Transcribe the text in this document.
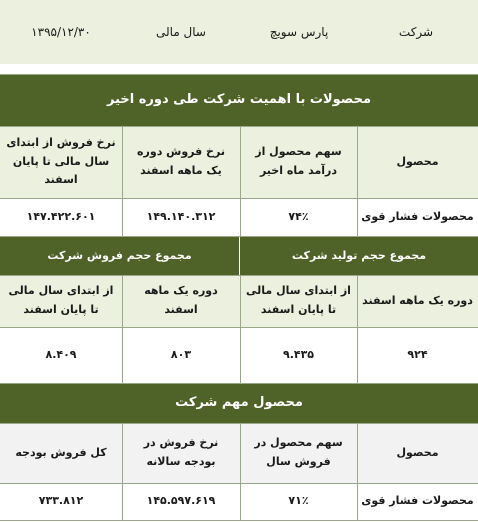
شرکت
پارس سویچ
سال مالی
۱۳۹۵/۱۲/۳۰
محصولات با اهمیت شرکت طی دوره اخیر
محصول
سهم محصول از درآمد ماه اخیر
نرخ فروش دوره یک ماهه اسفند
نرخ فروش از ابتدای سال مالی تا پایان اسفند
محصولات فشار قوی
۷۴٪
۱۴۹.۱۴۰.۳۱۲
۱۴۷.۴۲۲.۶۰۱
مجموع حجم تولید شرکت
مجموع حجم فروش شرکت
دوره یک ماهه اسفند
از ابتدای سال مالی تا پایان اسفند
دوره یک ماهه اسفند
از ابتدای سال مالی تا پایان اسفند
۹۲۴
۹.۴۳۵
۸۰۳
۸.۴۰۹
محصول مهم شرکت
محصول
سهم محصول در فروش سال
نرخ فروش در بودجه سالانه
کل فروش بودجه
محصولات فشار قوی
۷۱٪
۱۴۵.۵۹۷.۶۱۹
۷۳۳.۸۱۲
